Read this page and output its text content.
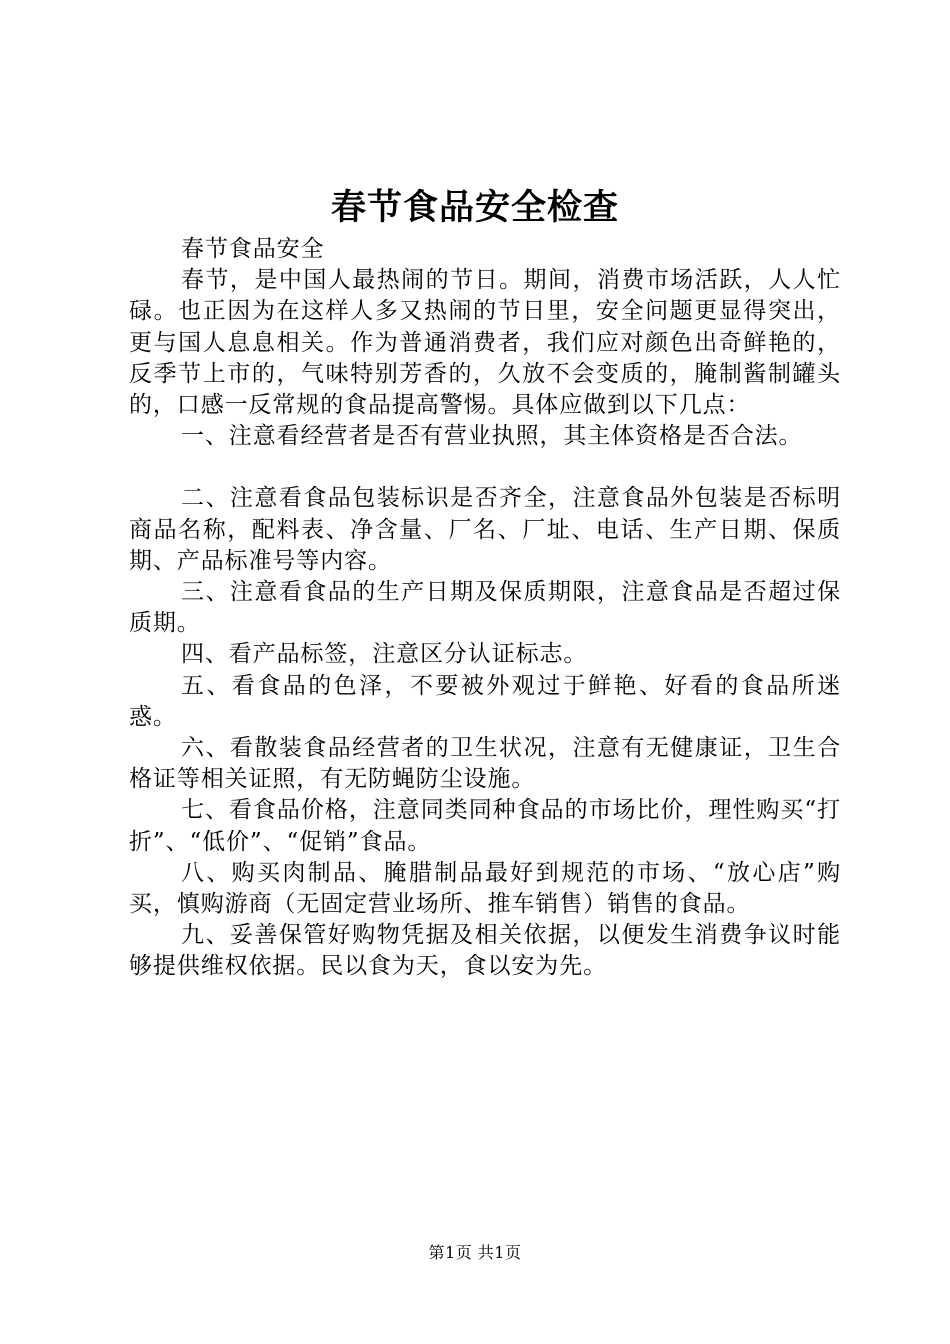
春节食品安全检查

春节食品安全

春节，是中国人最热闹的节日。期间，消费市场活跃，人人忙碌。也正因为在这样人多又热闹的节日里，安全问题更显得突出，更与国人息息相关。作为普通消费者，我们应对颜色出奇鲜艳的，反季节上市的，气味特别芳香的，久放不会变质的，腌制酱制罐头的，口感一反常规的食品提高警惕。具体应做到以下几点：

一、注意看经营者是否有营业执照，其主体资格是否合法。

二、注意看食品包装标识是否齐全，注意食品外包装是否标明商品名称，配料表、净含量、厂名、厂址、电话、生产日期、保质期、产品标准号等内容。

三、注意看食品的生产日期及保质期限，注意食品是否超过保质期。

四、看产品标签，注意区分认证标志。

五、看食品的色泽，不要被外观过于鲜艳、好看的食品所迷惑。

六、看散装食品经营者的卫生状况，注意有无健康证，卫生合格证等相关证照，有无防蝇防尘设施。

七、看食品价格，注意同类同种食品的市场比价，理性购买“打折”、“低价”、“促销”食品。

八、购买肉制品、腌腊制品最好到规范的市场、“放心店”购买，慎购游商（无固定营业场所、推车销售）销售的食品。

九、妥善保管好购物凭据及相关依据，以便发生消费争议时能够提供维权依据。民以食为天，食以安为先。

第1页 共1页
